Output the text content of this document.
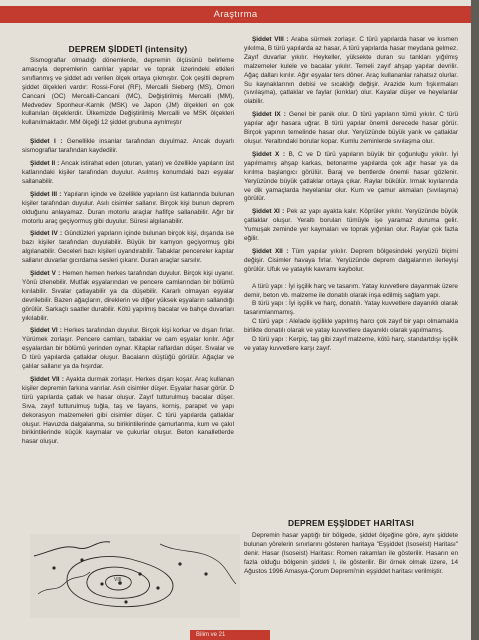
Araştırma
DEPREM ŞİDDETİ (intensity)

Sismograflar olmadığı dönemlerde, depremin ölçüsünü belirleme amacıyla depremlerin canlılar yapılar ve toprak üzerindeki etkileri sınıflanmış ve şiddet adı verilen ölçek ortaya çıkmıştır. Çok çeşitli deprem şiddet ölçekleri vardır: Rossi-Forel (RF), Mercalli Sieberg (MS), Omori Cancani (OC) Mercalli-Cancani (MC), Değiştirilmiş Mercalli (MM), Medvedev Sponheur-Karnik (MSK) ve Japon (JM) ölçekleri en çok kullanılan ölçeklerdir. Ülkemizde Değiştirilmiş Mercalli ve MSK ölçekleri kullanılmaktadır. MM ölçeği 12 şiddet grubuna ayrılmıştır

Şiddet I : Genellikle insanlar tarafından duyulmaz. Ancak duyarlı sismograflar tarafından kaydedilir.

Şiddet II : Ancak istirahat eden (oturan, yatan) ve özellikle yapıların üst katlarındaki kişiler tarafından duyulur. Asılmış konumdaki bazı eşyalar sallanabilir.

Şiddet III : Yapıların içinde ve özellikle yapıların üst katlarında bulunan kişiler tarafından duyulur. Asılı cisimler sallanır. Birçok kişi bunun deprem olduğunu anlayamaz. Duran motorlu araçlar hafifçe sallanabilir. Ağır bir motorlu araç geçiyormuş gibi duyulur. Süresi algılanabilir.

Şiddet IV : Gündüzleri yapıların içinde bulunan birçok kişi, dışarıda ise bazı kişiler tarafından duyulabilir. Büyük bir kamyon geçiyormuş gibi algılanabilir. Geceleri bazı kişileri uyandırabilir. Tabaklar pencereler kapılar sallanır duvarlar gıcırdama sesleri çıkarır. Duran araçlar sarsılır.

Şiddet V : Hemen hemen herkes tarafından duyulur. Birçok kişi uyanır. Yönü izlenebilir. Mutfak eşyalarından ve pencere camlarından bir bölümü kırılabilir. Sıvalar çatlayabilir ya da düşebilir. Kararlı olmayan eşyalar devrilebilir. Bazen ağaçların, direklerin ve diğer yüksek eşyaların sallandığı görülür. Sarkaçlı saatler durabilir. Kötü yapılmış bacalar ve bahçe duvarları yıkılabilir.

Şiddet VI : Herkes tarafından duyulur. Birçok kişi korkar ve dışarı fırlar. Yürümek zorlaşır. Pencere camları, tabaklar ve cam eşyalar kırılır. Ağır eşyalardan bir bölümü yerinden oynar. Kitaplar raflardan düşer. Sıvalar ve D türü yapılarda çatlaklar oluşur. Bacaların düştüğü görülür. Ağaçlar ve çalılar sallanır ya da hışırdar.

Şiddet VII : Ayakta durmak zorlaşır. Herkes dışarı koşar. Araç kullanan kişiler depremin farkına varırlar. Asılı cisimler düşer. Eşyalar hasar görür. D türü yapılarda çatlak ve hasar oluşur. Zayıf tutturulmuş bacalar düşer. Sıva, zayıf tutturulmuş tuğla, taş ve fayans, korniş, parapet ve yapı dekorasyon malzemeleri gibi cisimler düşer. C türü yapılarda çatlaklar oluşur. Havuzda dalgalanma, su birikintilerinde çamurlanma, kum ve çakıl birikintilerinde küçük kaymalar ve çukurlar oluşur. Beton kanalletlerde hasar oluşur.

Şiddet VIII : Araba sürmek zorlaşır. C türü yapılarda hasar ve kısmen yıkılma, B türü yapılarda az hasar, A türü yapılarda hasar meydana gelmez. Zayıf duvarlar yıkılır. Heykeller, yüksekte duran su tankları yığılmış malzemeler kulele ve bacalar yıkılır. Temeli zayıf ahşap yapılar devrilir. Ağaç dalları kırılır. Ağır eşyalar ters döner. Araç kullananlar rahatsız olurlar. Su kaynaklarının debisi ve sıcaklığı değişir. Arazide kum fışkırmaları (sıvılaşma), çatlaklar ve faylar (kırıklar) olur. Kayalar düşer ve heyelanlar olabilir.

Şiddet IX : Genel bir panik olur. D türü yapıların tümü yıkılır. C türü yapılar ağır hasara uğrar. B türü yapılar önemli derecede hasar görür. Birçok yapının temelinde hasar olur. Yeryüzünde büyük yarık ve çatlaklar oluşur. Yeraltındaki borular kopar. Kumlu zeminlerde sıvılaşma olur.

Şiddet X : B, C ve D türü yapıların büyük bir çoğunluğu yıkılır. İyi yapılmamış ahşap karkas, betonarme yapılarda çok ağır hasar ya da kırılma başlangıcı görülür. Baraj ve bentlerde önemli hasar gözlenir. Yeryüzünde büyük çatlaklar ortaya çıkar. Raylar bükülür. Irmak kıyılarında ve dik yamaçlarda heyelanlar olur. Kum ve çamur akmaları (sıvılaşma) görülür.

Şiddet XI : Pek az yapı ayakta kalır. Köprüler yıkılır. Yeryüzünde büyük çatlaklar oluşur. Yeraltı boruları tümüyle işe yaramaz duruma gelir. Yumuşak zeminde yer kaymaları ve toprak yığınları olur. Raylar çok fazla eğilir.

Şiddet XII : Tüm yapılar yıkılır. Deprem bölgesindeki yeryüzü biçimi değişir. Cisimler havaya fırlar. Yeryüzünde deprem dalgalarının ilerleyişi görülür. Ufuk ve yataylık kavramı kaybolur.

A türü yapı : İyi işçilik harç ve tasarım. Yatay kuvvetlere dayanmak üzere demir, beton vb. malzeme ile donatılı olarak inşa edilmiş sağlam yapı.

B türü yapı : İyi işçilik ve harç, donatılı. Yatay kuvvetlere dayanıklı olarak tasarımlanmamış.

C türü yapı : Alelade işçilikle yapılmış harcı çok zayıf bir yapı olmamakla birlikte donatılı olarak ve yatay kuvvetlere dayanıklı olarak yapılmamış.

D türü yapı : Kerpiç, taş gibi zayıf malzeme, kötü harç, standartdışı işçilik ve yatay kuvvetlere karşı zayıf.

DEPREM EŞŞİDDET HARİTASI

Depremin hasar yaptığı bir bölgede, şiddet ölçeğine göre, aynı şiddete bulunan yörelerin sınırlarını gösteren haritaya "Eşşiddet (Isoseist) Haritası" denir. Hasar (Isoseist) Haritası: Romen rakamları ile gösterilir. Hasarın en fazla olduğu bölgenin şiddeti I, ile gösterilir. Bir örnek olmak üzere, 14 Ağustos 1996 Amasya-Çorum Depremi'nin eşşiddet haritası verilmiştir.

VIII
Bilim ve 21
